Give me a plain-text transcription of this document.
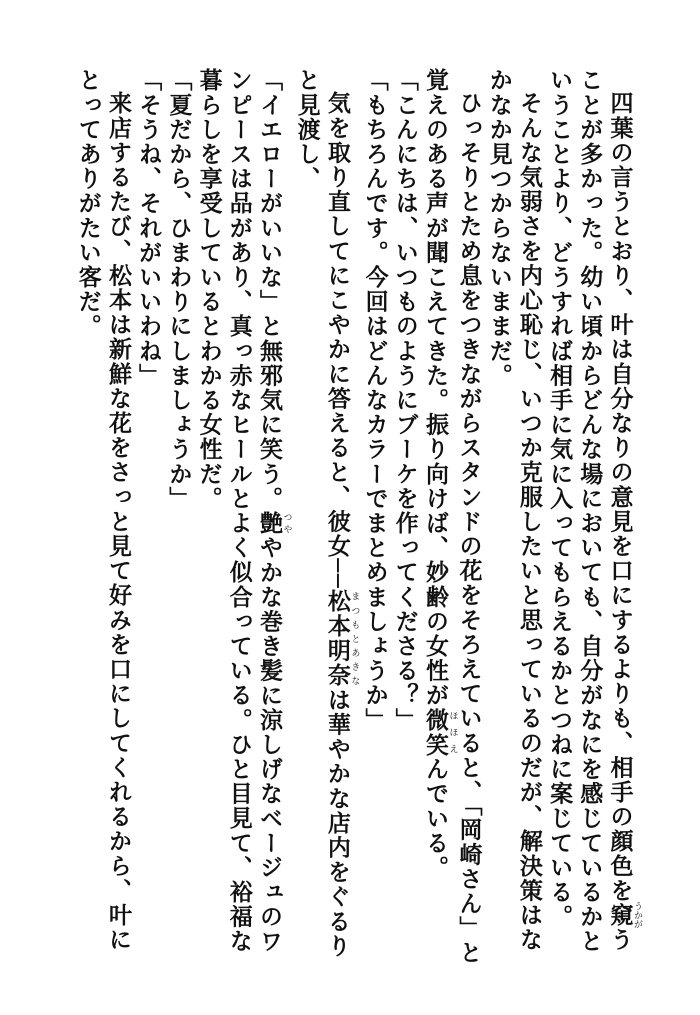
四葉の言うとおり、叶は自分なりの意見を口にするよりも、相手の顔色を窺うかがうことが多かった。幼い頃からどんな場においても、自分がなにを感じているかということより、どうすれば相手に気に入ってもらえるかとつねに案じている。

そんな気弱さを内心恥じ、いつか克服したいと思っているのだが、解決策はなかなか見つからないままだ。

ひっそりとため息をつきながらスタンドの花をそろえていると、「岡崎さん」と覚えのある声が聞こえてきた。振り向けば、妙齢の女性が微笑ほほえんでいる。

「こんにちは、いつものようにブーケを作ってくださる？」

「もちろんです。今回はどんなカラーでまとめましょうか」

気を取り直してにこやかに答えると、彼女──松本明奈まつもとあきなは華やかな店内をぐるりと見渡し、

「イエローがいいな」と無邪気に笑う。艶つややかな巻き髪に涼しげなベージュのワンピースは品があり、真っ赤なヒールとよく似合っている。ひと目見て、裕福な暮らしを享受しているとわかる女性だ。

「夏だから、ひまわりにしましょうか」

「そうね、それがいいわね」

来店するたび、松本は新鮮な花をさっと見て好みを口にしてくれるから、叶にとってありがたい客だ。
